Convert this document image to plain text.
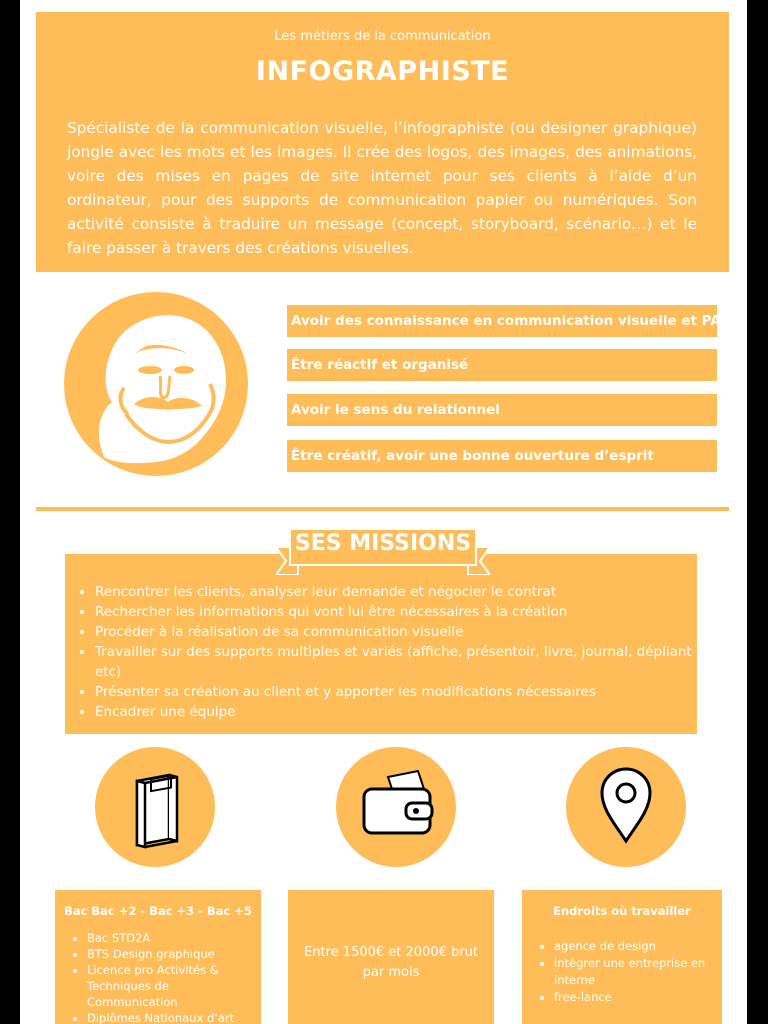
Les métiers de la communication
INFOGRAPHISTE
Spécialiste de la communication visuelle, l’infographiste (ou designer graphique) jongle avec les mots et les images. Il crée des logos, des images, des animations, voire des mises en pages de site internet pour ses clients à l’aide d’un ordinateur, pour des supports de communication papier ou numériques. Son activité consiste à traduire un message (concept, storyboard, scénario…) et le faire passer à travers des créations visuelles.
Avoir des connaissance en communication visuelle et PAO
Être réactif et organisé
Avoir le sens du relationnel
Être créatif, avoir une bonne ouverture d’esprit
• Rencontrer les clients, analyser leur demande et négocier le contrat
• Rechercher les informations qui vont lui être nécessaires à la création
• Procéder à la réalisation de sa communication visuelle
• Travailler sur des supports multiples et variés (affiche, présentoir, livre, journal, dépliant etc)
• Présenter sa création au client et y apporter les modifications nécessaires
• Encadrer une équipe
SES MISSIONS
Bac Bac +2 - Bac +3 - Bac +5
• Bac STD2A
• BTS Design graphique
• Licence pro Activités & Techniques de Communication
• Diplômes Nationaux d’art
Entre 1500€ et 2000€ brut par mois
Endroits où travailler
• agence de design
• intégrer une entreprise en interne
• free-lance
